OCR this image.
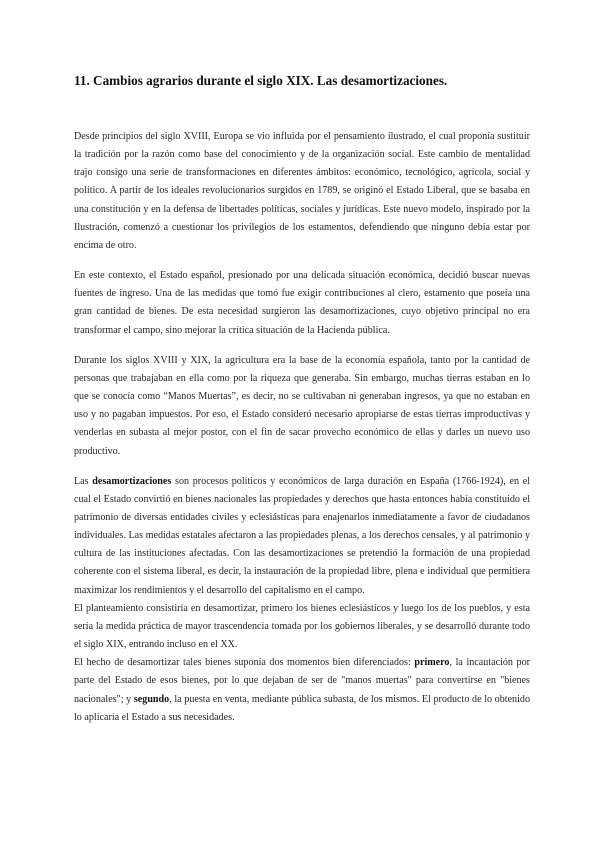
11. Cambios agrarios durante el siglo XIX. Las desamortizaciones.

Desde principios del siglo XVIII, Europa se vio influida por el pensamiento ilustrado, el cual proponía sustituir la tradición por la razón como base del conocimiento y de la organización social. Este cambio de mentalidad trajo consigo una serie de transformaciones en diferentes ámbitos: económico, tecnológico, agrícola, social y político. A partir de los ideales revolucionarios surgidos en 1789, se originó el Estado Liberal, que se basaba en una constitución y en la defensa de libertades políticas, sociales y jurídicas. Este nuevo modelo, inspirado por la Ilustración, comenzó a cuestionar los privilegios de los estamentos, defendiendo que ninguno debía estar por encima de otro.

En este contexto, el Estado español, presionado por una delicada situación económica, decidió buscar nuevas fuentes de ingreso. Una de las medidas que tomó fue exigir contribuciones al clero, estamento que poseía una gran cantidad de bienes. De esta necesidad surgieron las desamortizaciones, cuyo objetivo principal no era transformar el campo, sino mejorar la crítica situación de la Hacienda pública.

Durante los siglos XVIII y XIX, la agricultura era la base de la economía española, tanto por la cantidad de personas que trabajaban en ella como por la riqueza que generaba. Sin embargo, muchas tierras estaban en lo que se conocía como “Manos Muertas”, es decir, no se cultivaban ni generaban ingresos, ya que no estaban en uso y no pagaban impuestos. Por eso, el Estado consideró necesario apropiarse de estas tierras improductivas y venderlas en subasta al mejor postor, con el fin de sacar provecho económico de ellas y darles un nuevo uso productivo.

Las desamortizaciones son procesos políticos y económicos de larga duración en España (1766-1924), en el cual el Estado convirtió en bienes nacionales las propiedades y derechos que hasta entonces había constituido el patrimonio de diversas entidades civiles y eclesiásticas para enajenarlos inmediatamente a favor de ciudadanos individuales. Las medidas estatales afectaron a las propiedades plenas, a los derechos censales, y al patrimonio y cultura de las instituciones afectadas. Con las desamortizaciones se pretendió la formación de una propiedad coherente con el sistema liberal, es decir, la instauración de la propiedad libre, plena e individual que permitiera maximizar los rendimientos y el desarrollo del capitalismo en el campo.

El planteamiento consistiría en desamortizar, primero los bienes eclesiásticos y luego los de los pueblos, y esta sería la medida práctica de mayor trascendencia tomada por los gobiernos liberales, y se desarrolló durante todo el siglo XIX, entrando incluso en el XX.

El hecho de desamortizar tales bienes suponía dos momentos bien diferenciados: primero, la incautación por parte del Estado de esos bienes, por lo que dejaban de ser de "manos muertas" para convertirse en "bienes nacionales"; y segundo, la puesta en venta, mediante pública subasta, de los mismos. El producto de lo obtenido lo aplicaría el Estado a sus necesidades.
